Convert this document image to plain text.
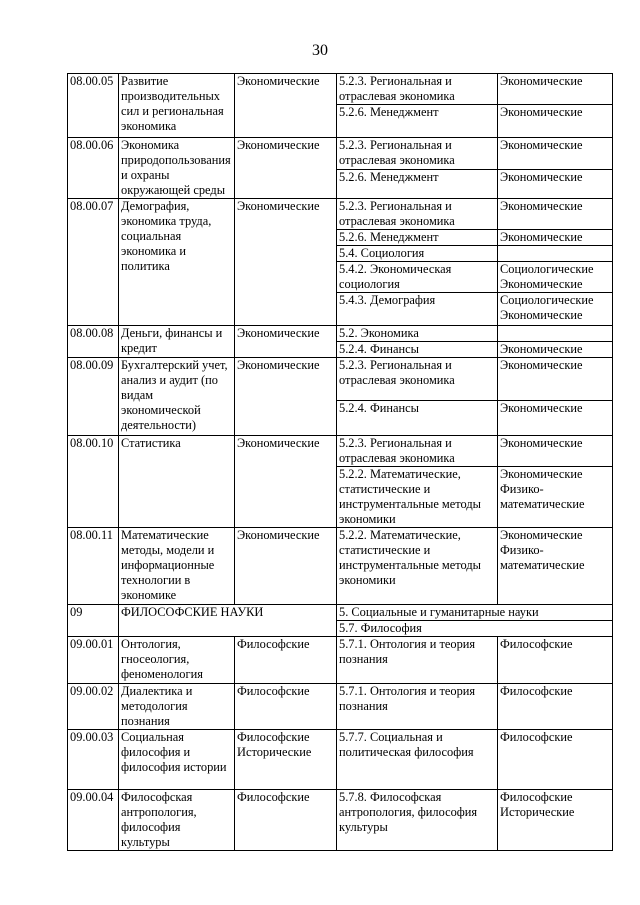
30
08.00.05	Развитие производительных сил и региональная экономика	Экономические	5.2.3. Региональная и отраслевая экономика	Экономические
			5.2.6. Менеджмент	Экономические
08.00.06	Экономика природопользования и охраны окружающей среды	Экономические	5.2.3. Региональная и отраслевая экономика	Экономические
			5.2.6. Менеджмент	Экономические
08.00.07	Демография, экономика труда, социальная экономика и политика	Экономические	5.2.3. Региональная и отраслевая экономика	Экономические
			5.2.6. Менеджмент	Экономические
			5.4. Социология	
			5.4.2. Экономическая социология	Социологические Экономические
			5.4.3. Демография	Социологические Экономические
08.00.08	Деньги, финансы и кредит	Экономические	5.2. Экономика	
			5.2.4. Финансы	Экономические
08.00.09	Бухгалтерский учет, анализ и аудит (по видам экономической деятельности)	Экономические	5.2.3. Региональная и отраслевая экономика	Экономические
			5.2.4. Финансы	Экономические
08.00.10	Статистика	Экономические	5.2.3. Региональная и отраслевая экономика	Экономические
			5.2.2. Математические, статистические и инструментальные методы экономики	Экономические Физико-математические
08.00.11	Математические методы, модели и информационные технологии в экономике	Экономические	5.2.2. Математические, статистические и инструментальные методы экономики	Экономические Физико-математические
09	ФИЛОСОФСКИЕ НАУКИ		5. Социальные и гуманитарные науки	
			5.7. Философия	
09.00.01	Онтология, гносеология, феноменология	Философские	5.7.1. Онтология и теория познания	Философские
09.00.02	Диалектика и методология познания	Философские	5.7.1. Онтология и теория познания	Философские
09.00.03	Социальная философия и философия истории	Философские Исторические	5.7.7. Социальная и политическая философия	Философские
09.00.04	Философская антропология, философия культуры	Философские	5.7.8. Философская антропология, философия культуры	Философские Исторические
